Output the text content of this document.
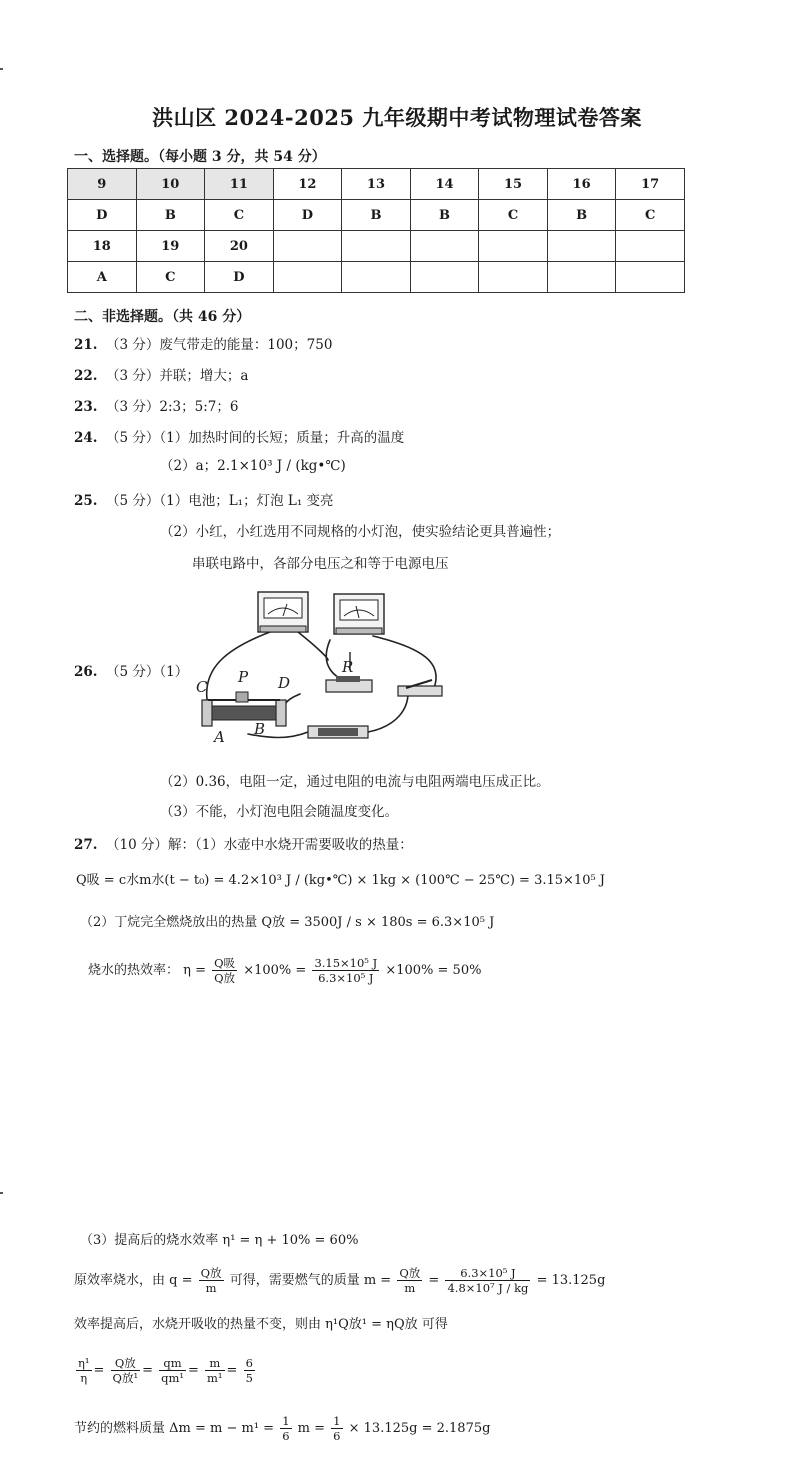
洪山区 2024-2025 九年级期中考试物理试卷答案
一、选择题。（每小题 3 分，共 54 分）
9	10	11	12	13	14	15	16	17
D	B	C	D	B	B	C	B	C
18	19	20						
A	C	D						
二、非选择题。（共 46 分）
21. （3 分）废气带走的能量：100；750
22. （3 分）并联；增大；a
23. （3 分）2:3；5:7；6
24. （5 分）（1）加热时间的长短；质量；升高的温度
（2）a；2.1×10³ J / (kg•℃)
25. （5 分）（1）电池；L₁；灯泡 L₁ 变亮
（2）小红，小红选用不同规格的小灯泡，使实验结论更具普遍性；
串联电路中，各部分电压之和等于电源电压
26. （5 分）（1）
C
P D
A B
R
（2）0.36，电阻一定，通过电阻的电流与电阻两端电压成正比。
（3）不能，小灯泡电阻会随温度变化。
27. （10 分）解：（1）水壶中水烧开需要吸收的热量：
Q吸 = c水m水(t − t₀) = 4.2×10³ J / (kg•℃) × 1kg × (100℃ − 25℃) = 3.15×10⁵ J
（2）丁烷完全燃烧放出的热量 Q放 = 3500J / s × 180s = 6.3×10⁵ J
烧水的热效率： $\eta = \frac{\text{Q吸}}{\text{Q放}} \times 100\% = \frac{\text{3.15×10⁵ J}}{\text{6.3×10⁵ J}} \times 100\% = 50\%$
（3）提高后的烧水效率 η¹ = η + 10% = 60%
原效率烧水，由 $q = \frac{\text{Q放}}{m}$ 可得，需要燃气的质量 $m = \frac{\text{Q放}}{m} = \frac{\text{6.3×10⁵ J}}{\text{4.8×10⁷ J / kg}} = 13.125g$
效率提高后，水烧开吸收的热量不变，则由 η¹Q放¹ = ηQ放 可得
$\frac{\text{η¹}}{\eta} = \frac{\text{Q放}}{\text{Q放¹}} = \frac{qm}{\text{qm¹}} = \frac{m}{\text{m¹}} = \frac{6}{5}$
节约的燃料质量 $\Delta m = m - m^1 = \frac{1}{6}$ $m = \frac{1}{6} \times 13.125g = 2.1875g$
